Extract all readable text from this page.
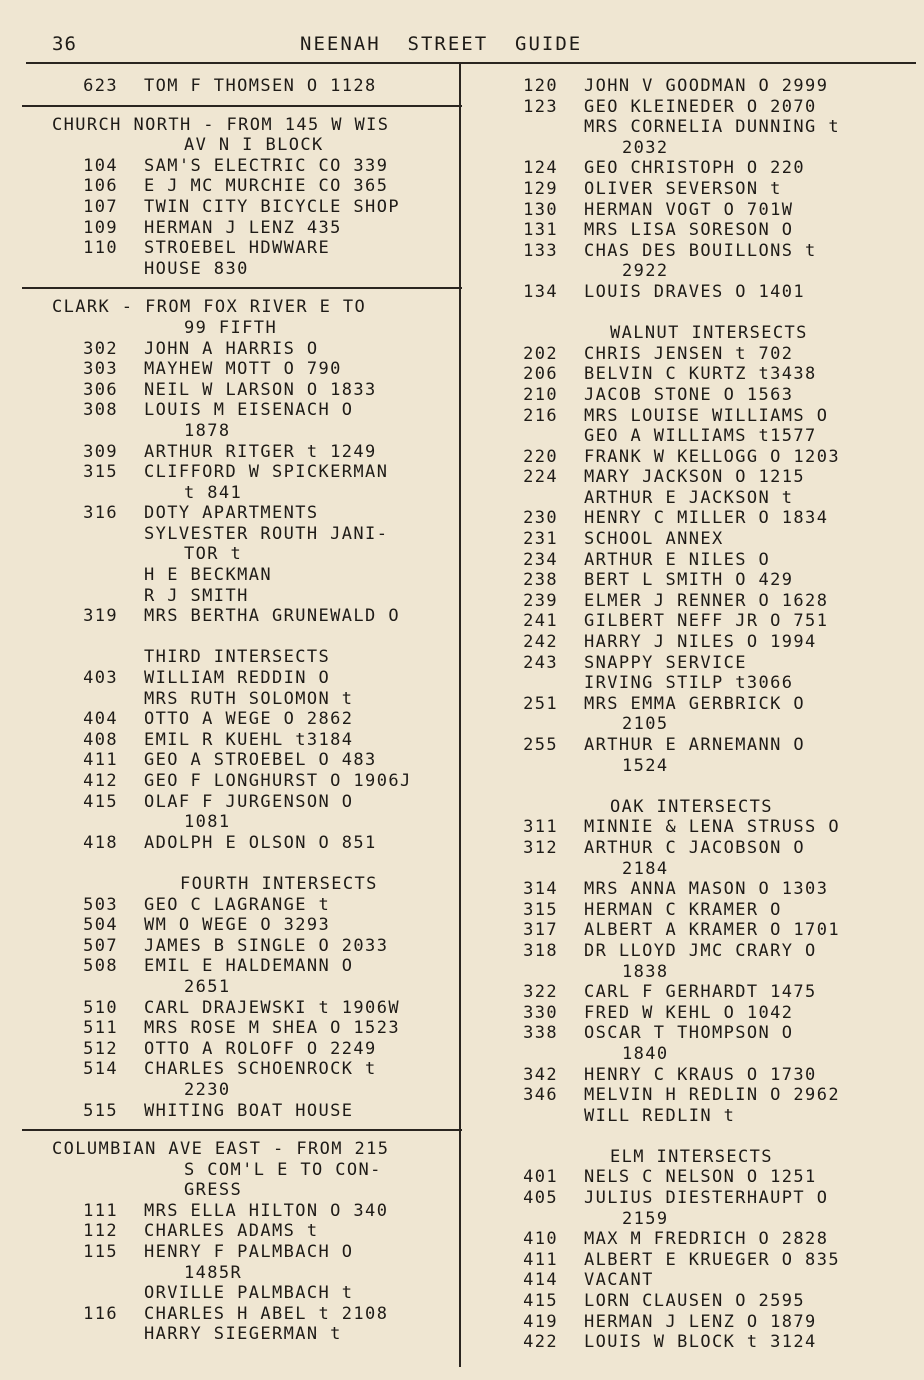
36	NEENAH  STREET  GUIDE
623 TOM F THOMSEN O 1128
CHURCH NORTH - FROM 145 W WIS
AV N I BLOCK
104 SAM'S ELECTRIC CO 339
106 E J MC MURCHIE CO 365
107 TWIN CITY BICYCLE SHOP
109 HERMAN J LENZ 435
110 STROEBEL HDWWARE
HOUSE 830
CLARK - FROM FOX RIVER E TO
99 FIFTH
302 JOHN A HARRIS O
303 MAYHEW MOTT O 790
306 NEIL W LARSON O 1833
308 LOUIS M EISENACH O
1878
309 ARTHUR RITGER t 1249
315 CLIFFORD W SPICKERMAN
t 841
316 DOTY APARTMENTS
SYLVESTER ROUTH JANI-
TOR t
H E BECKMAN
R J SMITH
319 MRS BERTHA GRUNEWALD O
THIRD INTERSECTS
403 WILLIAM REDDIN O
MRS RUTH SOLOMON t
404 OTTO A WEGE O 2862
408 EMIL R KUEHL t3184
411 GEO A STROEBEL O 483
412 GEO F LONGHURST O 1906J
415 OLAF F JURGENSON O
1081
418 ADOLPH E OLSON O 851
FOURTH INTERSECTS
503 GEO C LAGRANGE t
504 WM O WEGE O 3293
507 JAMES B SINGLE O 2033
508 EMIL E HALDEMANN O
2651
510 CARL DRAJEWSKI t 1906W
511 MRS ROSE M SHEA O 1523
512 OTTO A ROLOFF O 2249
514 CHARLES SCHOENROCK t
2230
515 WHITING BOAT HOUSE
COLUMBIAN AVE EAST - FROM 215
S COM'L E TO CON-
GRESS
111 MRS ELLA HILTON O 340
112 CHARLES ADAMS t
115 HENRY F PALMBACH O
1485R
ORVILLE PALMBACH t
116 CHARLES H ABEL t 2108
HARRY SIEGERMAN t
120 JOHN V GOODMAN O 2999
123 GEO KLEINEDER O 2070
MRS CORNELIA DUNNING t
2032
124 GEO CHRISTOPH O 220
129 OLIVER SEVERSON t
130 HERMAN VOGT O 701W
131 MRS LISA SORESON O
133 CHAS DES BOUILLONS t
2922
134 LOUIS DRAVES O 1401
WALNUT INTERSECTS
202 CHRIS JENSEN t 702
206 BELVIN C KURTZ t3438
210 JACOB STONE O 1563
216 MRS LOUISE WILLIAMS O
GEO A WILLIAMS t1577
220 FRANK W KELLOGG O 1203
224 MARY JACKSON O 1215
ARTHUR E JACKSON t
230 HENRY C MILLER O 1834
231 SCHOOL ANNEX
234 ARTHUR E NILES O
238 BERT L SMITH O 429
239 ELMER J RENNER O 1628
241 GILBERT NEFF JR O 751
242 HARRY J NILES O 1994
243 SNAPPY SERVICE
IRVING STILP t3066
251 MRS EMMA GERBRICK O
2105
255 ARTHUR E ARNEMANN O
1524
OAK INTERSECTS
311 MINNIE & LENA STRUSS O
312 ARTHUR C JACOBSON O
2184
314 MRS ANNA MASON O 1303
315 HERMAN C KRAMER O
317 ALBERT A KRAMER O 1701
318 DR LLOYD JMC CRARY O
1838
322 CARL F GERHARDT 1475
330 FRED W KEHL O 1042
338 OSCAR T THOMPSON O
1840
342 HENRY C KRAUS O 1730
346 MELVIN H REDLIN O 2962
WILL REDLIN t
ELM INTERSECTS
401 NELS C NELSON O 1251
405 JULIUS DIESTERHAUPT O
2159
410 MAX M FREDRICH O 2828
411 ALBERT E KRUEGER O 835
414 VACANT
415 LORN CLAUSEN O 2595
419 HERMAN J LENZ O 1879
422 LOUIS W BLOCK t 3124
